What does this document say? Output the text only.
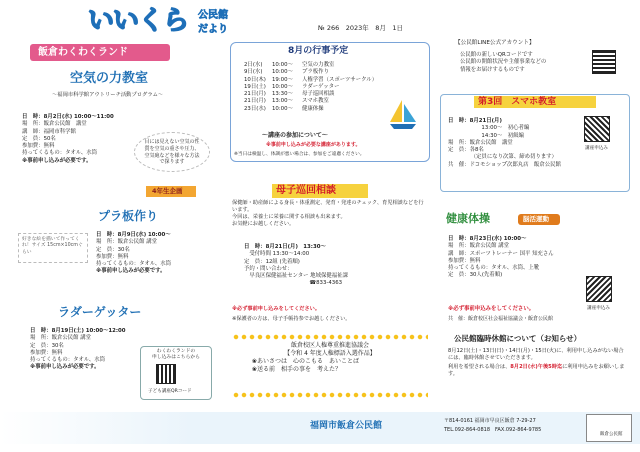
いいくら 公民館
だより	№ 266　2023年　8月　1日
飯倉わくわくランド
空気の力教室
～福岡市科学館アウトリーチ活動プログラム～
日　時：8月2日(水) 10:00～11:00
場　所：飯倉公民館　講堂
講　師：福岡市科学館
定　員：50名
参加費：無料
持ってくるもの：タオル、水筒
※事前申し込みが必要です。
目には見えない空気の性質を空気の重さや圧力、空気砲などを様々な方法で探ります
4年生企画
プラ板作り
好きな絵を描いて作ってくれ！サイズ 15cm×10cmぐらい
日　時：8月9日(水) 10:00～
場　所：飯倉公民館 講堂
定　員：30名
参加費：無料
持ってくるもの：タオル、水筒
※事前申し込みが必要です。
ラダーゲッター
日　時：8月19日(土) 10:00～12:00
場　所：飯倉公民館 講堂
定　員：30名
参加費：無料
持ってくるもの：タオル、水筒
※事前申し込みが必要です。
わくわくランドの
申し込みはこちらから
子ども講座QRコード
8月の行事予定
2日(水) 10:00～ 空気の力教室
9日(水) 10:00～ プラ板作り
10日(木) 19:00～ 人権学習（スポーツサークル）
19日(土) 10:00～ ラダーゲッター
21日(月) 13:30～ 母子巡回相談
21日(月) 13:00～ スマホ教室
23日(水) 10:00～ 健康体操
～講座の参加について～
※事前申し込みが必要な講座があります。
※当日は検温し、体調が悪い場合は、参加をご遠慮ください。
母子巡回相談
保健師・助産師による身長・体重測定、発育・発達のチェック、育児相談などを行います。
今回は、栄養士に栄養に関する相談も出来ます。
お気軽にお越しください。
日　時：8月21日(月)　13:30～
　受付時間 13:30～14:00
定　員：12組 (先着順)
予約・問い合わせ：
　早良区保健福祉センター 地域保健福祉課
　☎833-4363
※必ず事前申し込みをしてください。
※保護者の方は、母子手帳持参でお越しください。
飯倉校区人権尊重推進協議会
【令和 4 年度人権標語入選作品】
❀あいさつは　心のこもる　あいことば
❀送る前　相手の事を　考えた？
【公民館LINE公式アカウント】
公民館の新しいQRコードです
公民館の開館状況や主催事業などの
情報をお届けするものです
第3回　スマホ教室
日　時：8月21日(月)
　13:00～　初心者編
　14:30～　初級編
場　所：飯倉公民館　講堂
定　員：各8名
　（定員になり次第、締め切ります）
共　催：ドコモショップ次郎丸店　飯倉公民館
講座申込み
健康体操	脳活運動
日　時：8月23日(水) 10:00～
場　所：飯倉公民館 講堂
講　師：スポーツトレーナー 国平 知充さん
参加費：無料
持ってくるもの：タオル、水筒、上靴
定　員：30人(先着順)
※必ず事前申込みをしてください。
共　催：飯倉校区社会福祉協議会・飯倉公民館
講座申込み
公民館臨時休館について（お知らせ）
8月12日(土)・13日(日)・14日(月)・15日(火)に、利用申し込みがない場合には、臨時休館させていただきます。
利用を希望される場合は、8月2日(水)午後5時迄に利用申込みをお願いします。
福岡市飯倉公民館	〒814-0161 福岡市早良区飯倉 7-29-27
TEL.092-864-0818　FAX.092-864-9785
飯倉公民館
